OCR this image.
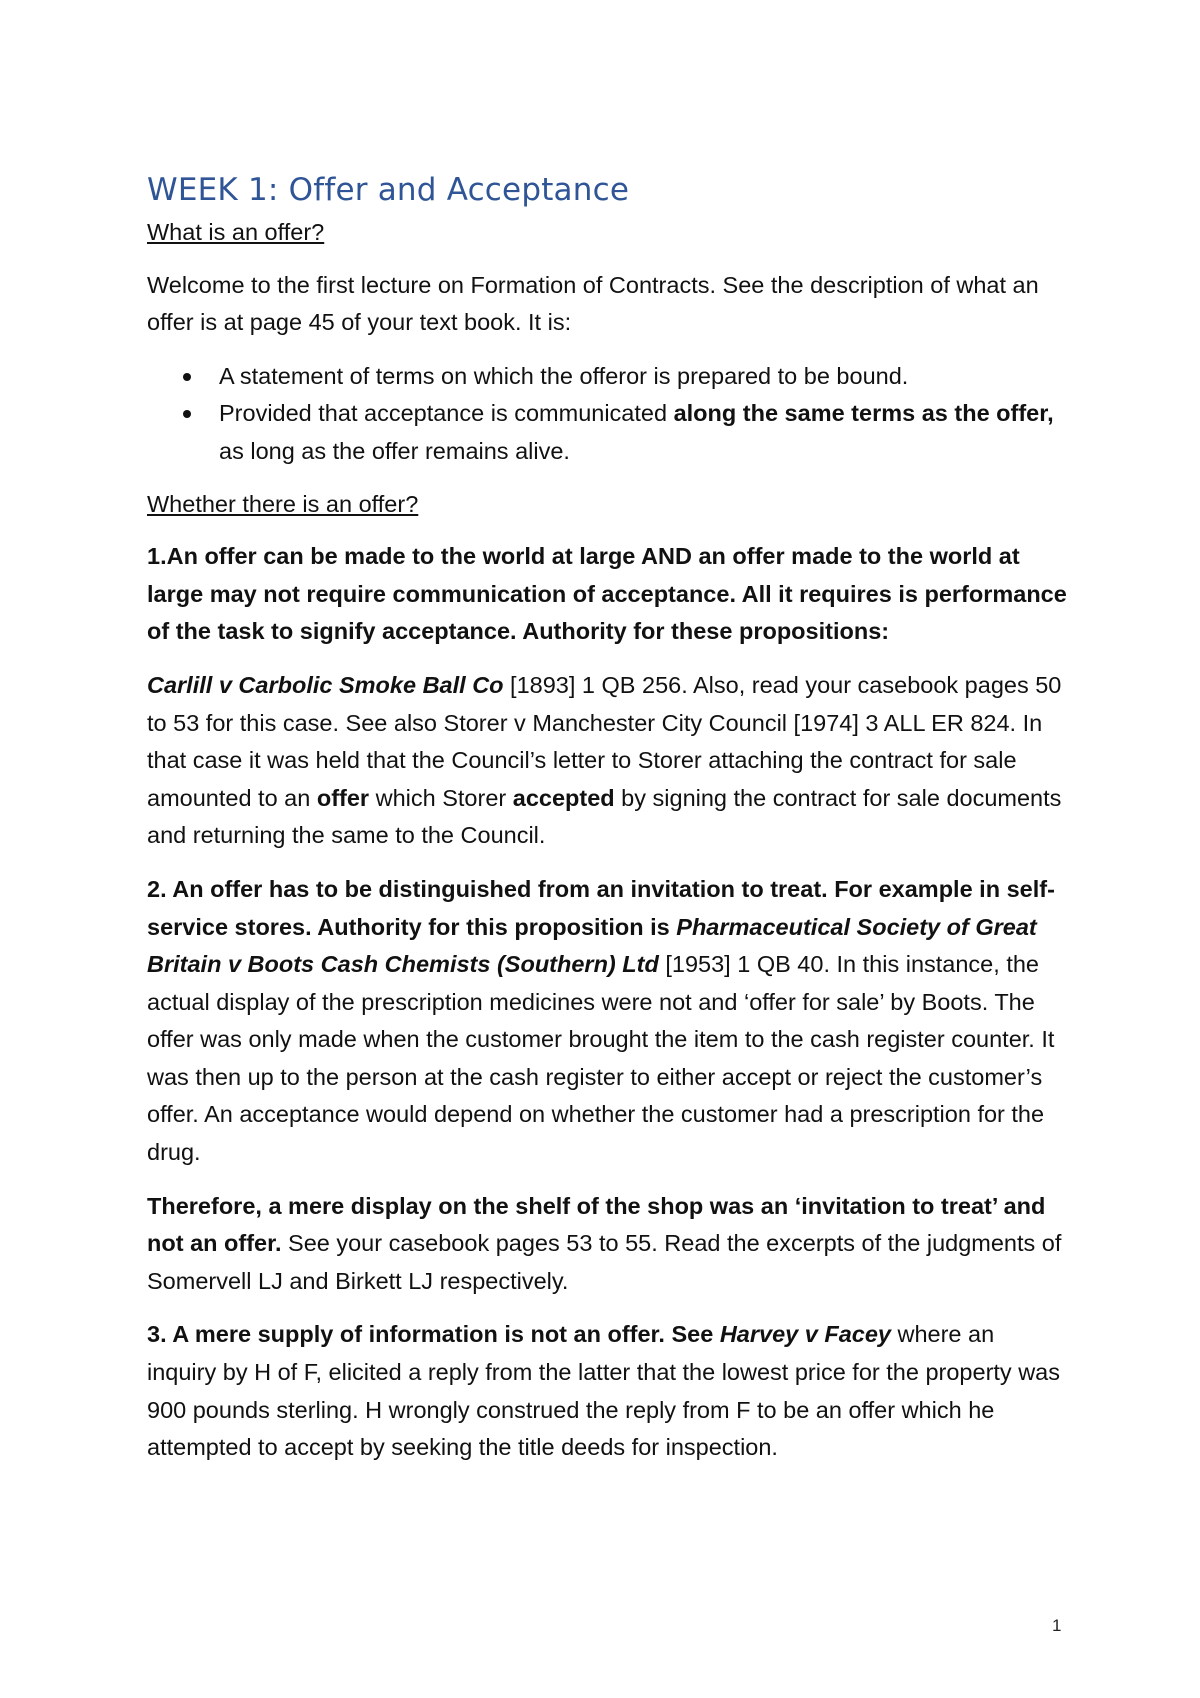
WEEK 1: Offer and Acceptance

What is an offer?

Welcome to the first lecture on Formation of Contracts. See the description of what an offer is at page 45 of your text book. It is:

A statement of terms on which the offeror is prepared to be bound.
Provided that acceptance is communicated along the same terms as the offer, as long as the offer remains alive.

Whether there is an offer?

1.An offer can be made to the world at large AND an offer made to the world at large may not require communication of acceptance. All it requires is performance of the task to signify acceptance. Authority for these propositions:

Carlill v Carbolic Smoke Ball Co [1893] 1 QB 256. Also, read your casebook pages 50 to 53 for this case. See also Storer v Manchester City Council [1974] 3 ALL ER 824. In that case it was held that the Council’s letter to Storer attaching the contract for sale amounted to an offer which Storer accepted by signing the contract for sale documents and returning the same to the Council.

2. An offer has to be distinguished from an invitation to treat. For example in self-service stores. Authority for this proposition is Pharmaceutical Society of Great Britain v Boots Cash Chemists (Southern) Ltd [1953] 1 QB 40. In this instance, the actual display of the prescription medicines were not and ‘offer for sale’ by Boots. The offer was only made when the customer brought the item to the cash register counter. It was then up to the person at the cash register to either accept or reject the customer’s offer. An acceptance would depend on whether the customer had a prescription for the drug.

Therefore, a mere display on the shelf of the shop was an ‘invitation to treat’ and not an offer. See your casebook pages 53 to 55. Read the excerpts of the judgments of Somervell LJ and Birkett LJ respectively.

3. A mere supply of information is not an offer. See Harvey v Facey where an inquiry by H of F, elicited a reply from the latter that the lowest price for the property was 900 pounds sterling. H wrongly construed the reply from F to be an offer which he attempted to accept by seeking the title deeds for inspection.

1
